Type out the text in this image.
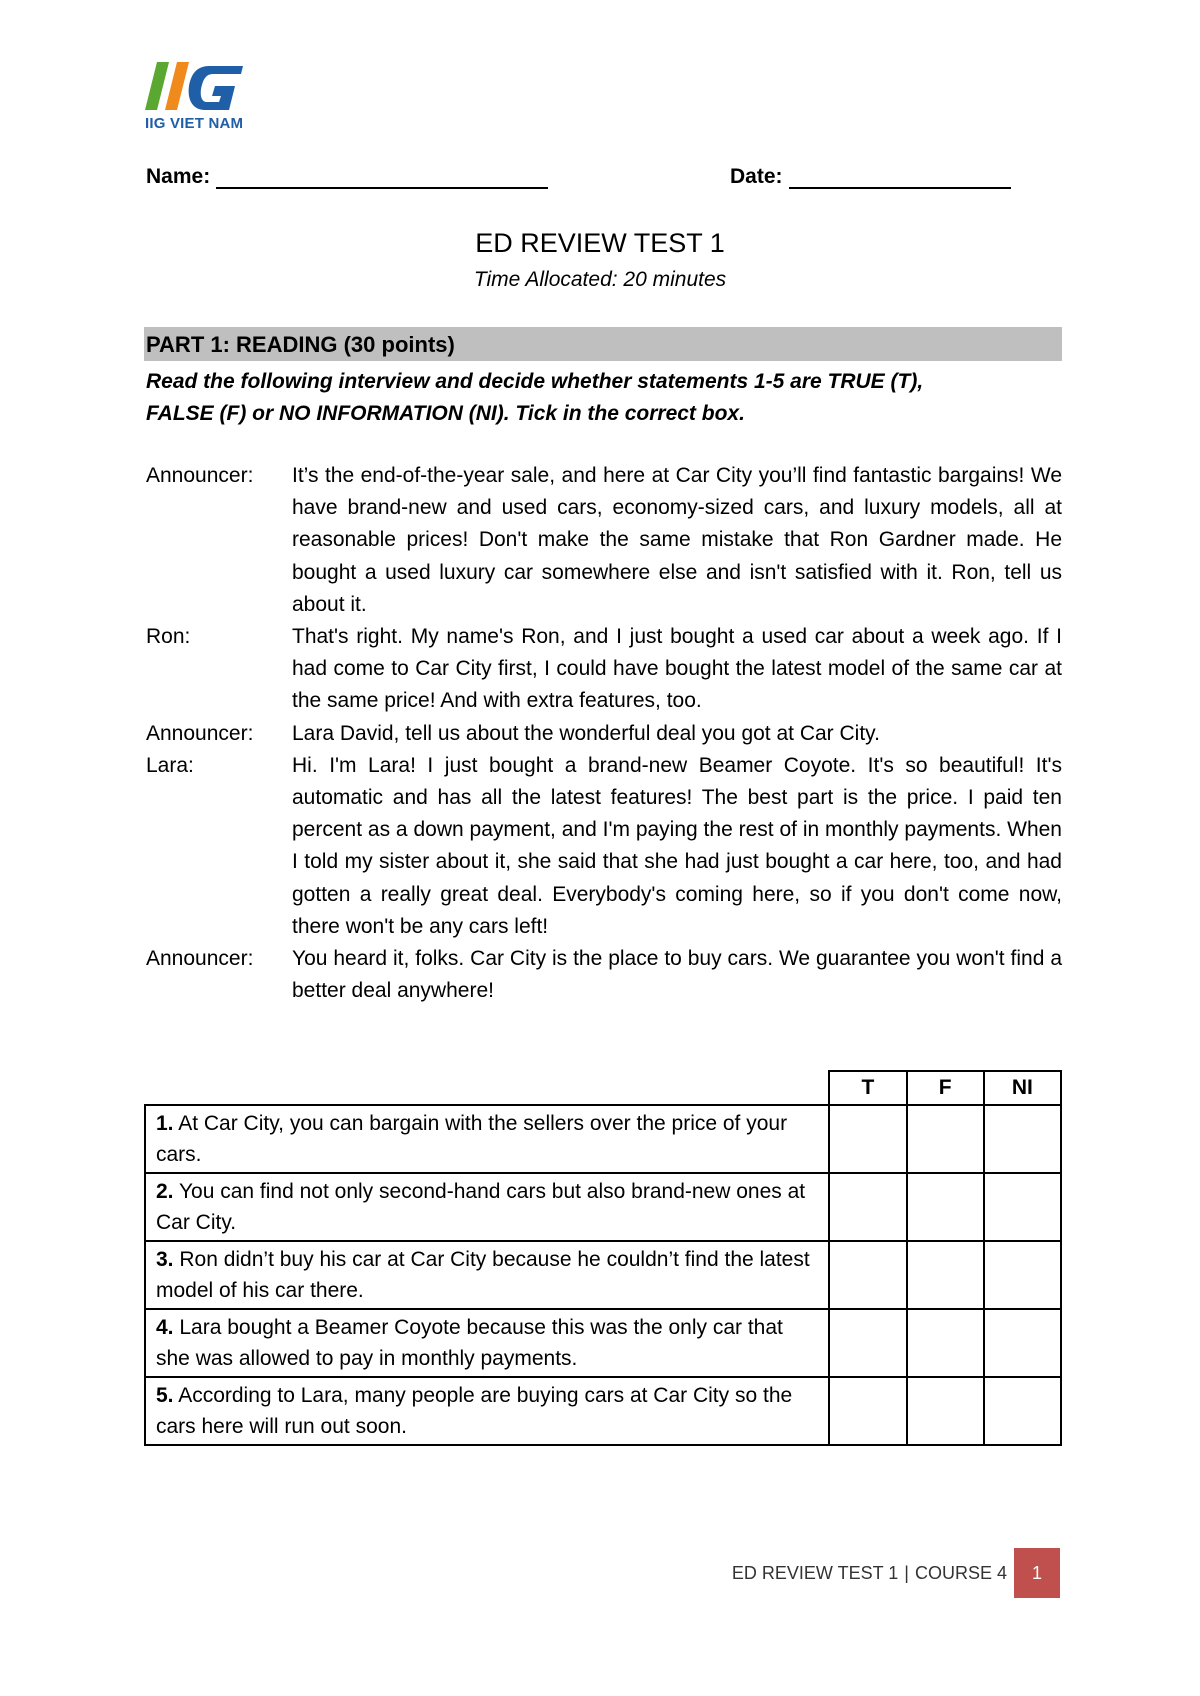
IIG VIET NAM
Name:	Date:
ED REVIEW TEST 1
Time Allocated: 20 minutes
PART 1: READING (30 points)
Read the following interview and decide whether statements 1-5 are TRUE (T),
FALSE (F) or NO INFORMATION (NI). Tick in the correct box.
Announcer:	It’s the end-of-the-year sale, and here at Car City you’ll find fantastic bargains! We have brand-new and used cars, economy-sized cars, and luxury models, all at reasonable prices! Don't make the same mistake that Ron Gardner made. He bought a used luxury car somewhere else and isn't satisfied with it. Ron, tell us about it.
Ron:	That's right. My name's Ron, and I just bought a used car about a week ago. If I had come to Car City first, I could have bought the latest model of the same car at the same price! And with extra features, too.
Announcer:	Lara David, tell us about the wonderful deal you got at Car City.
Lara:	Hi. I'm Lara! I just bought a brand-new Beamer Coyote. It's so beautiful! It's automatic and has all the latest features! The best part is the price. I paid ten percent as a down payment, and I'm paying the rest of in monthly payments. When I told my sister about it, she said that she had just bought a car here, too, and had gotten a really great deal. Everybody's coming here, so if you don't come now, there won't be any cars left!
Announcer:	You heard it, folks. Car City is the place to buy cars. We guarantee you won't find a better deal anywhere!
	T	F	NI
1. At Car City, you can bargain with the sellers over the price of your cars.			
2. You can find not only second-hand cars but also brand-new ones at Car City.			
3. Ron didn’t buy his car at Car City because he couldn’t find the latest model of his car there.			
4. Lara bought a Beamer Coyote because this was the only car that she was allowed to pay in monthly payments.			
5. According to Lara, many people are buying cars at Car City so the cars here will run out soon.			
ED REVIEW TEST 1 | COURSE 4 1
